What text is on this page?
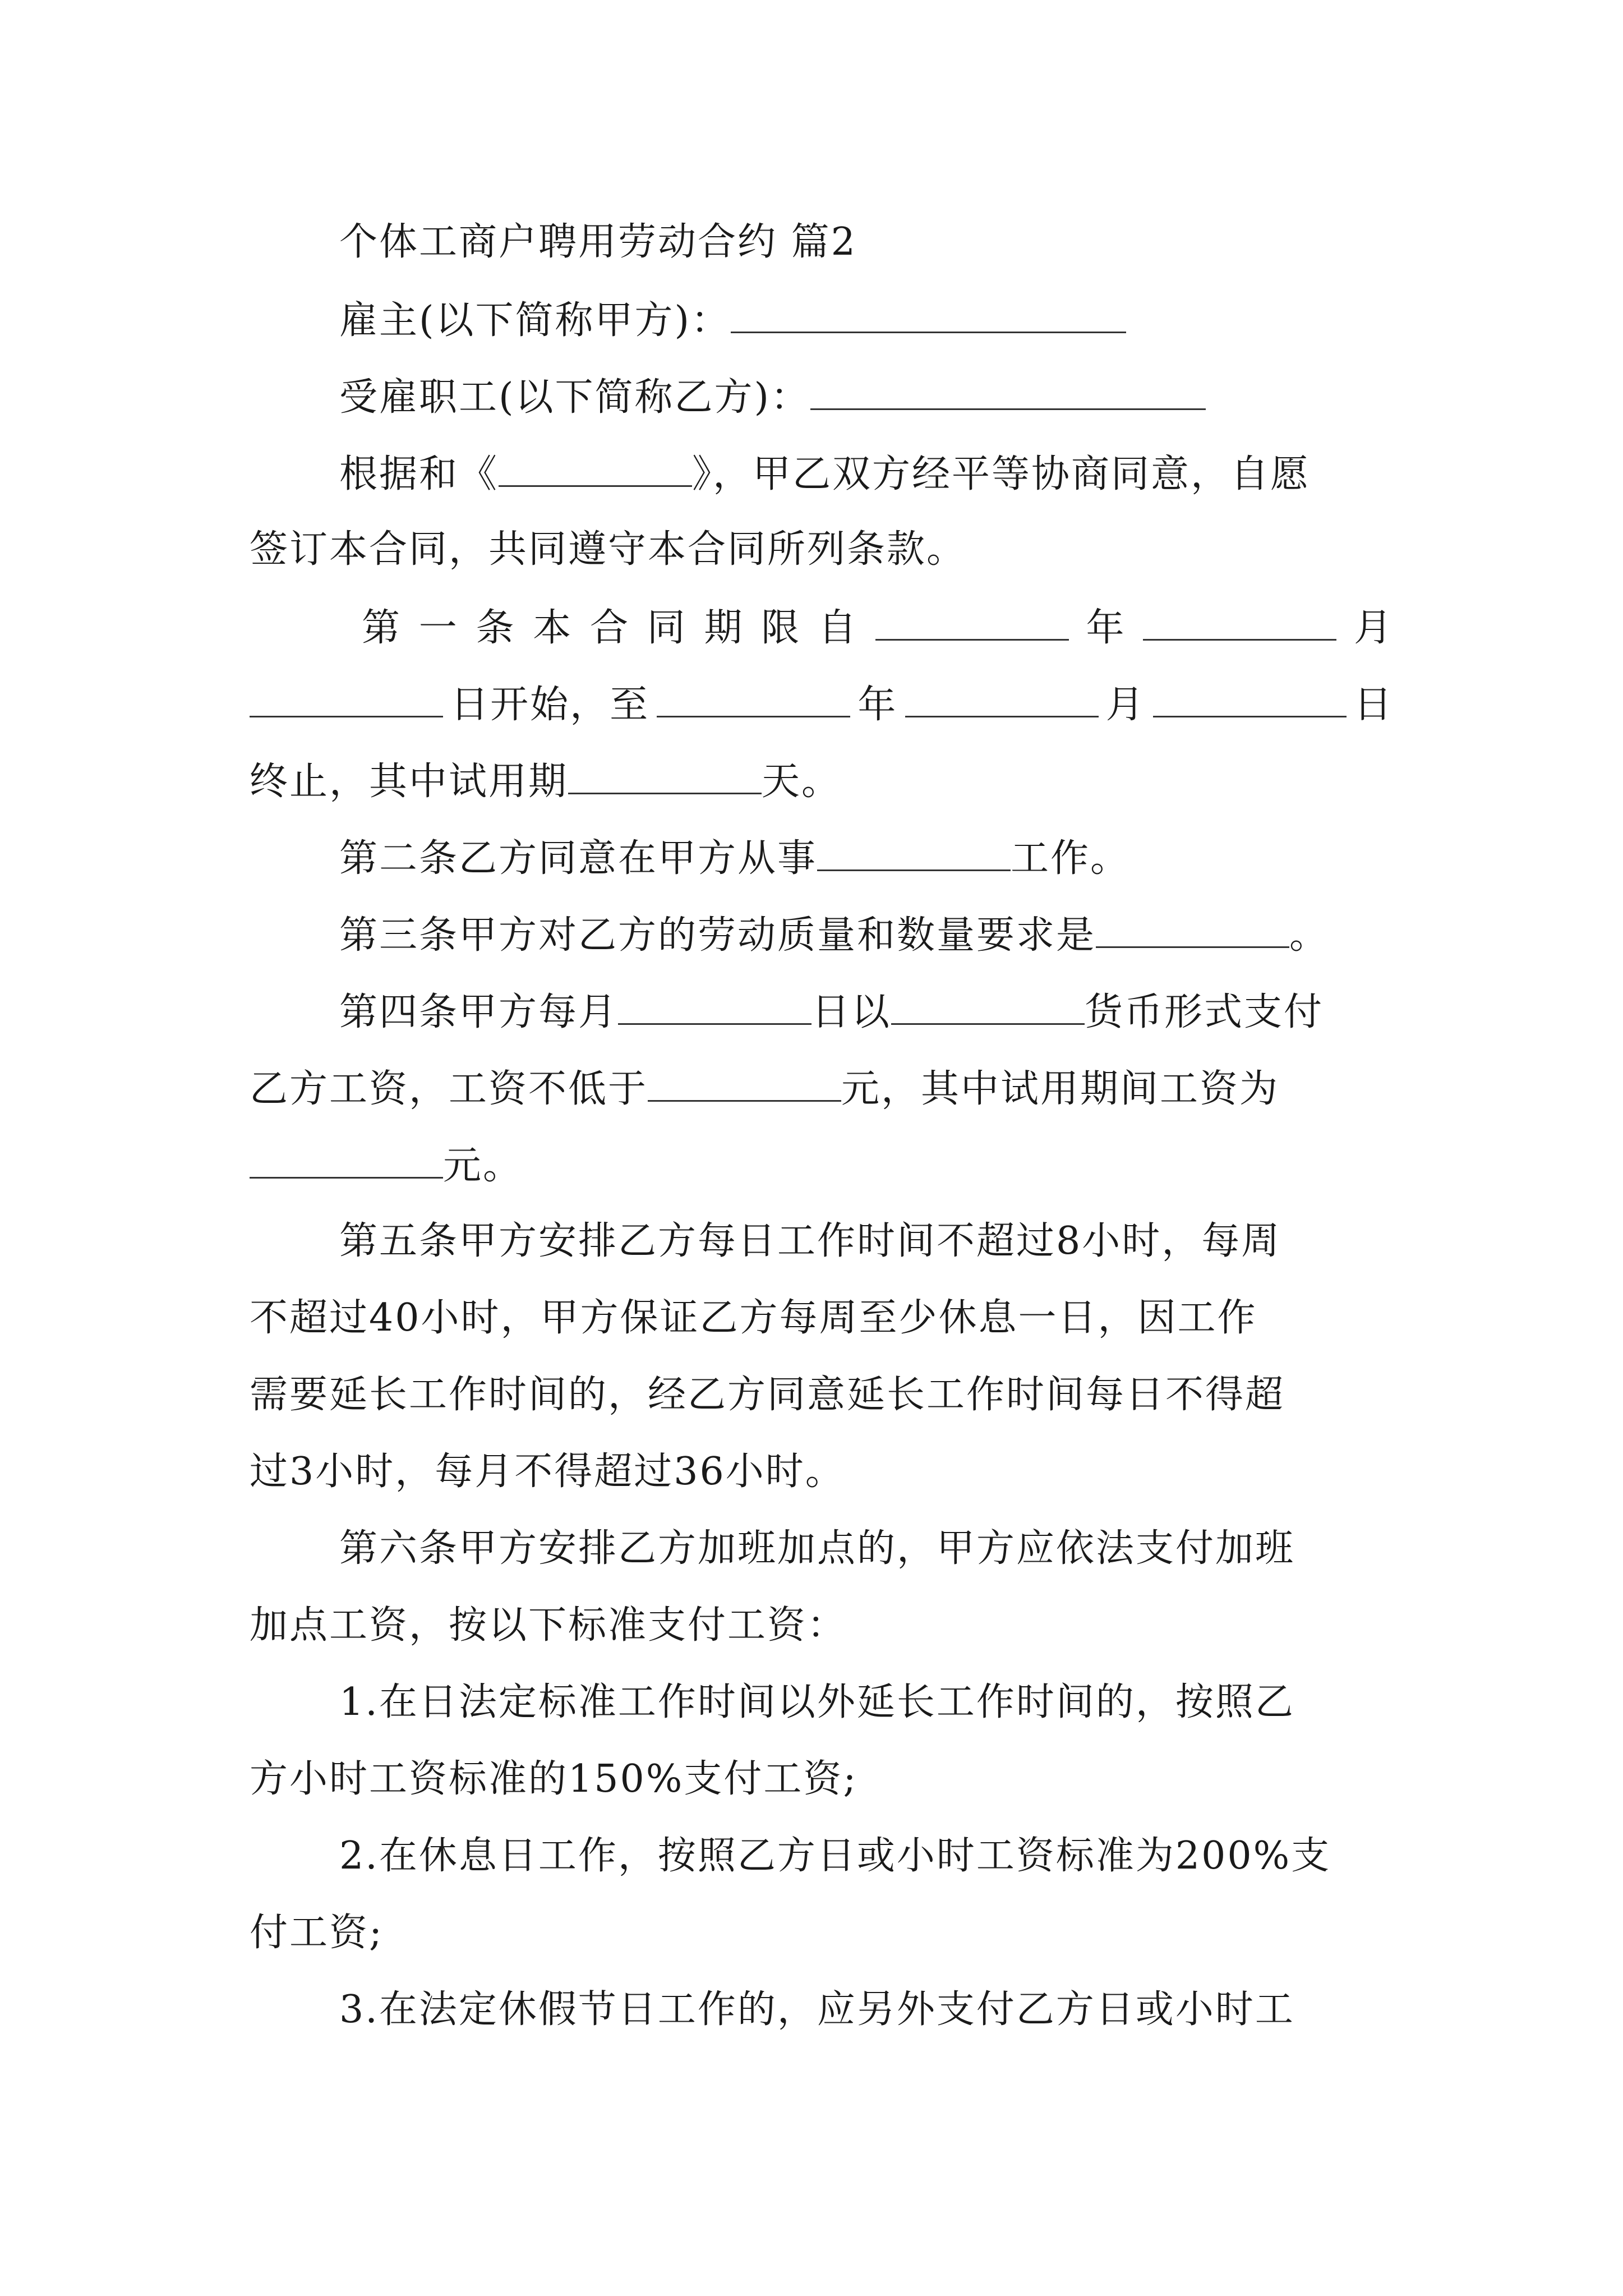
个体工商户聘用劳动合约 篇2
雇主(以下简称甲方)：
受雇职工(以下简称乙方)：
根据和《	》，甲乙双方经平等协商同意，自愿
签订本合同，共同遵守本合同所列条款。
第 一 条 本 合 同 期 限 自	年	月
日开始，至	年	月	日
终止，其中试用期	天。
第二条乙方同意在甲方从事	工作。
第三条甲方对乙方的劳动质量和数量要求是	。
第四条甲方每月	日以	货币形式支付
乙方工资，工资不低于	元，其中试用期间工资为
元。
第五条甲方安排乙方每日工作时间不超过8小时，每周
不超过40小时，甲方保证乙方每周至少休息一日，因工作
需要延长工作时间的，经乙方同意延长工作时间每日不得超
过3小时，每月不得超过36小时。
第六条甲方安排乙方加班加点的，甲方应依法支付加班
加点工资，按以下标准支付工资：
1.在日法定标准工作时间以外延长工作时间的，按照乙
方小时工资标准的150%支付工资;
2.在休息日工作，按照乙方日或小时工资标准为200%支
付工资;
3.在法定休假节日工作的，应另外支付乙方日或小时工
